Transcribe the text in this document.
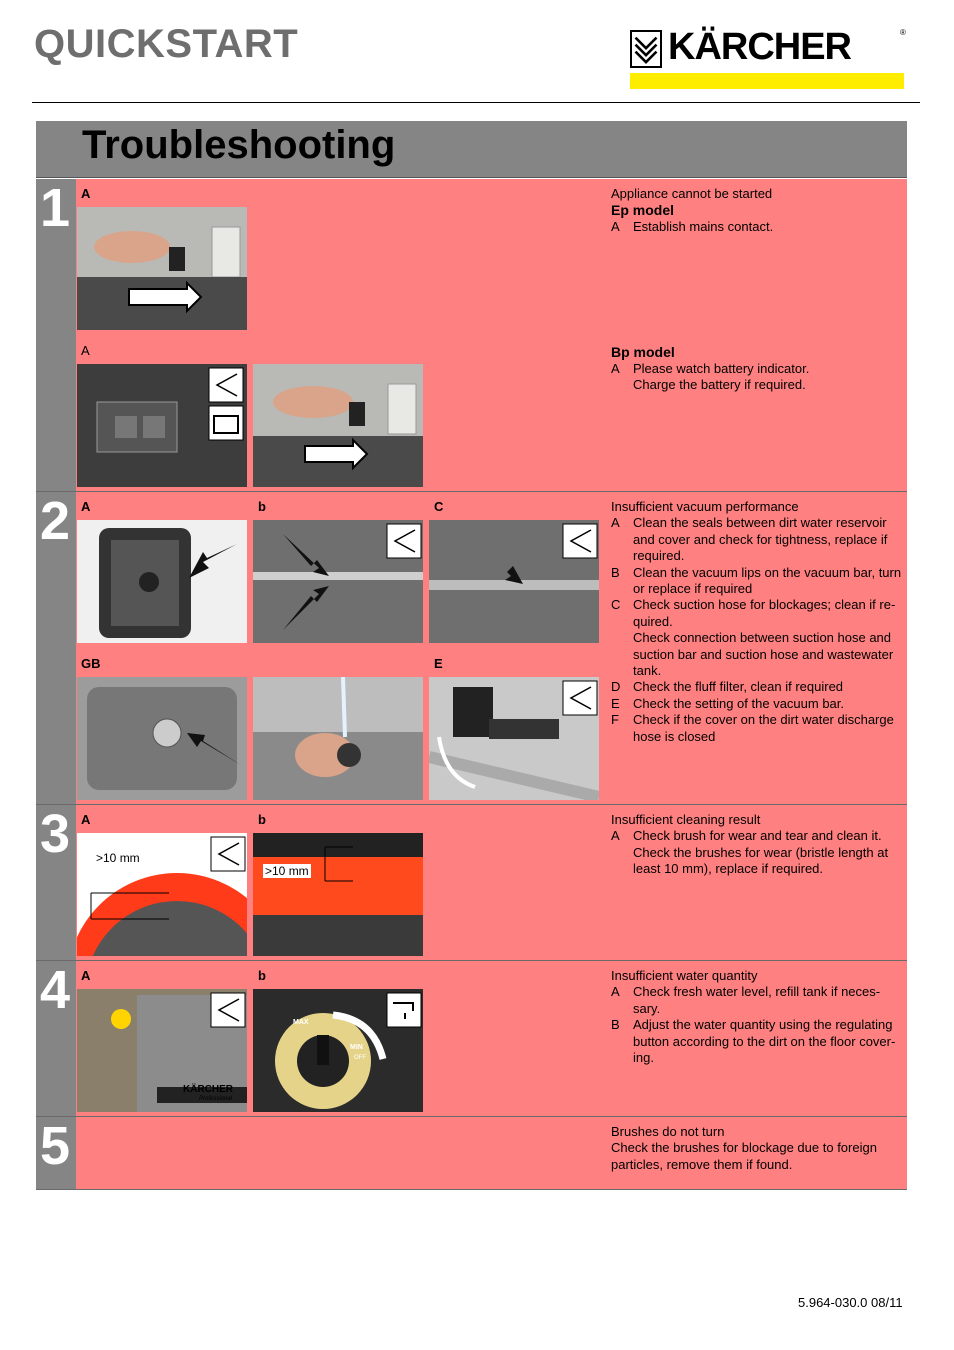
QUICKSTART	KÄRCHER	®
Troubleshooting
1 A
A
Appliance cannot be started
Ep model
A	Establish mains contact.
Bp model
A	Please watch battery indicator. Charge the battery if required.
2 A	b	C
GB	E
Insufficient vacuum performance
A	Clean the seals between dirt water reservoir and cover and check for tightness, replace if required.
B	Clean the vacuum lips on the vacuum bar, turn or replace if required
C Check suction hose for blockages; clean if re-quired.
Check connection between suction hose and suction bar and suction hose and wastewater tank.
D Check the fluff filter, clean if required
E	Check the setting of the vacuum bar.
F	Check if the cover on the dirt water discharge hose is closed
3 A	b
>10 mm
>10 mm
Insufficient cleaning result
A	Check brush for wear and tear and clean it.
Check the brushes for wear (bristle length at least 10 mm), replace if required.
4 A	b
KÄRCHER
Professional
MAX
MIN
OFF
Insufficient water quantity
A	Check fresh water level, refill tank if neces-sary.
B	Adjust the water quantity using the regulating button according to the dirt on the floor cover-ing.
5	Brushes do not turn
Check the brushes for blockage due to foreign particles, remove them if found.
5.964-030.0 08/11
